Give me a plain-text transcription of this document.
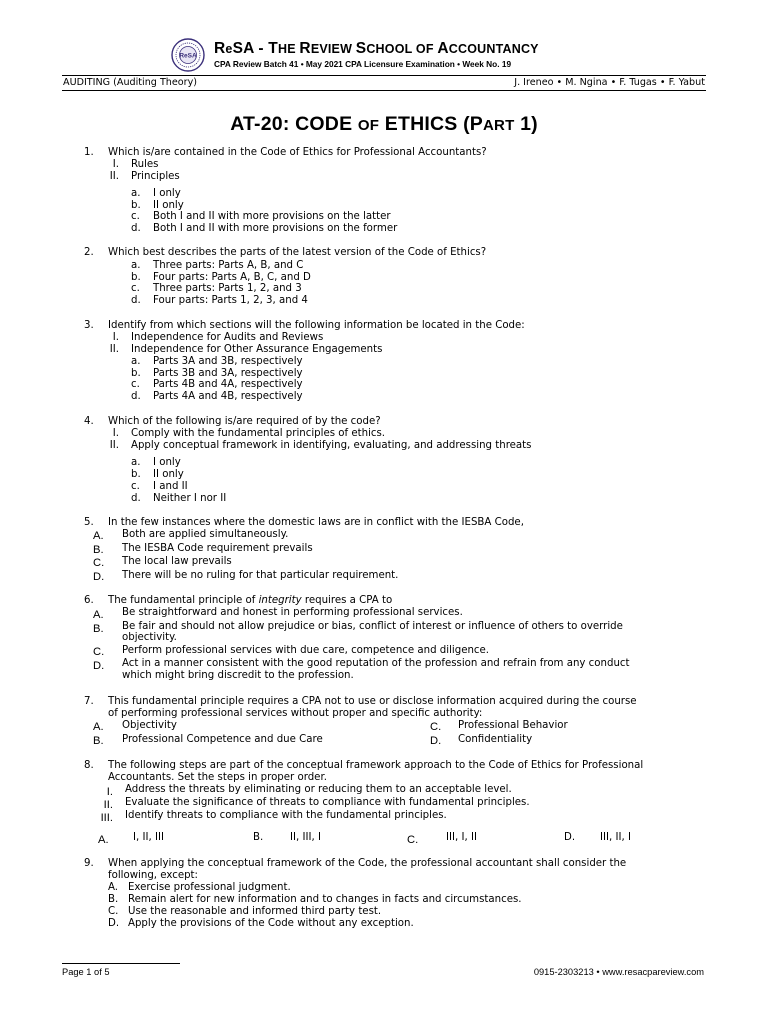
ReSA ReSA - THE REVIEW SCHOOL OF ACCOUNTANCY
CPA Review Batch 41 • May 2021 CPA Licensure Examination • Week No. 19
AUDITING (Auditing Theory)	J. Ireneo • M. Ngina • F. Tugas • F. Yabut
AT-20: CODE OF ETHICS (PART 1)
1. Which is/are contained in the Code of Ethics for Professional Accountants?
I. Rules
II. Principles
a. I only
b. II only
c. Both I and II with more provisions on the latter
d. Both I and II with more provisions on the former
2. Which best describes the parts of the latest version of the Code of Ethics?
a. Three parts: Parts A, B, and C
b. Four parts: Parts A, B, C, and D
c. Three parts: Parts 1, 2, and 3
d. Four parts: Parts 1, 2, 3, and 4
3. Identify from which sections will the following information be located in the Code:
I. Independence for Audits and Reviews
II. Independence for Other Assurance Engagements
a. Parts 3A and 3B, respectively
b. Parts 3B and 3A, respectively
c. Parts 4B and 4A, respectively
d. Parts 4A and 4B, respectively
4. Which of the following is/are required of by the code?
I. Comply with the fundamental principles of ethics.
II. Apply conceptual framework in identifying, evaluating, and addressing threats
a. I only
b. II only
c. I and II
d. Neither I nor II
5. In the few instances where the domestic laws are in conflict with the IESBA Code,
A. Both are applied simultaneously.
B. The IESBA Code requirement prevails
C. The local law prevails
D. There will be no ruling for that particular requirement.
6. The fundamental principle of integrity requires a CPA to
A. Be straightforward and honest in performing professional services.
B. Be fair and should not allow prejudice or bias, conflict of interest or influence of others to override
objectivity.
C. Perform professional services with due care, competence and diligence.
D. Act in a manner consistent with the good reputation of the profession and refrain from any conduct
which might bring discredit to the profession.
7. This fundamental principle requires a CPA not to use or disclose information acquired during the course
of performing professional services without proper and specific authority:
A. Objectivity	C. Professional Behavior
B. Professional Competence and due Care	D. Confidentiality
8. The following steps are part of the conceptual framework approach to the Code of Ethics for Professional
Accountants. Set the steps in proper order.
I. Address the threats by eliminating or reducing them to an acceptable level.
II. Evaluate the significance of threats to compliance with fundamental principles.
III. Identify threats to compliance with the fundamental principles.
A. I, II, III	B.	II, III, I	C.	III, I, II	D. III, II, I
9. When applying the conceptual framework of the Code, the professional accountant shall consider the
following, except:
A. Exercise professional judgment.
B. Remain alert for new information and to changes in facts and circumstances.
C. Use the reasonable and informed third party test.
D. Apply the provisions of the Code without any exception.
Page 1 of 5	0915-2303213 • www.resacpareview.com
